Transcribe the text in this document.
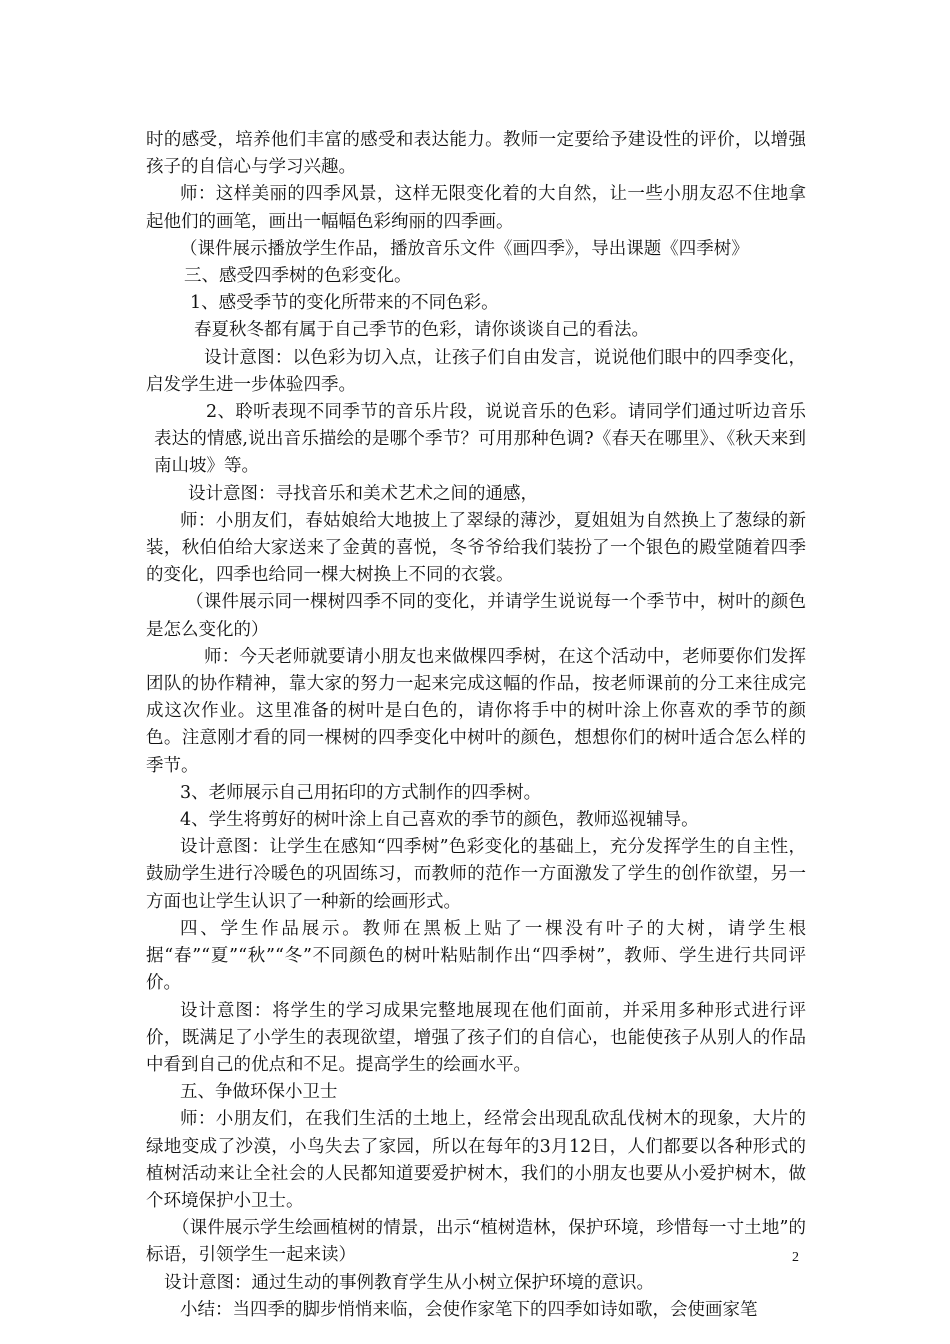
时的感受，培养他们丰富的感受和表达能力。教师一定要给予建设性的评价，以增强孩子的自信心与学习兴趣。

师：这样美丽的四季风景，这样无限变化着的大自然，让一些小朋友忍不住地拿起他们的画笔，画出一幅幅色彩绚丽的四季画。

（课件展示播放学生作品，播放音乐文件《画四季》，导出课题《四季树》

三、感受四季树的色彩变化。

1、感受季节的变化所带来的不同色彩。

春夏秋冬都有属于自己季节的色彩，请你谈谈自己的看法。

设计意图：以色彩为切入点，让孩子们自由发言，说说他们眼中的四季变化，启发学生进一步体验四季。

2、聆听表现不同季节的音乐片段，说说音乐的色彩。请同学们通过听边音乐表达的情感,说出音乐描绘的是哪个季节？可用那种色调?《春天在哪里》、《秋天来到南山坡》等。

设计意图：寻找音乐和美术艺术之间的通感，

师：小朋友们，春姑娘给大地披上了翠绿的薄沙，夏姐姐为自然换上了葱绿的新装，秋伯伯给大家送来了金黄的喜悦，冬爷爷给我们装扮了一个银色的殿堂随着四季的变化，四季也给同一棵大树换上不同的衣裳。

（课件展示同一棵树四季不同的变化，并请学生说说每一个季节中，树叶的颜色是怎么变化的）

师：今天老师就要请小朋友也来做棵四季树，在这个活动中，老师要你们发挥团队的协作精神，靠大家的努力一起来完成这幅的作品，按老师课前的分工来往成完成这次作业。这里准备的树叶是白色的，请你将手中的树叶涂上你喜欢的季节的颜色。注意刚才看的同一棵树的四季变化中树叶的颜色，想想你们的树叶适合怎么样的季节。

3、老师展示自己用拓印的方式制作的四季树。

4、学生将剪好的树叶涂上自己喜欢的季节的颜色，教师巡视辅导。

设计意图：让学生在感知“四季树”色彩变化的基础上，充分发挥学生的自主性，鼓励学生进行冷暖色的巩固练习，而教师的范作一方面激发了学生的创作欲望，另一方面也让学生认识了一种新的绘画形式。

四、学生作品展示。教师在黑板上贴了一棵没有叶子的大树，请学生根据“春”“夏”“秋”“冬”不同颜色的树叶粘贴制作出“四季树”，教师、学生进行共同评价。

设计意图：将学生的学习成果完整地展现在他们面前，并采用多种形式进行评价，既满足了小学生的表现欲望，增强了孩子们的自信心，也能使孩子从别人的作品中看到自己的优点和不足。提高学生的绘画水平。

五、争做环保小卫士

师：小朋友们，在我们生活的土地上，经常会出现乱砍乱伐树木的现象，大片的绿地变成了沙漠，小鸟失去了家园，所以在每年的3月12日，人们都要以各种形式的植树活动来让全社会的人民都知道要爱护树木，我们的小朋友也要从小爱护树木，做个环境保护小卫士。

（课件展示学生绘画植树的情景，出示“植树造林，保护环境，珍惜每一寸土地”的标语，引领学生一起来读）

设计意图：通过生动的事例教育学生从小树立保护环境的意识。

小结：当四季的脚步悄悄来临，会使作家笔下的四季如诗如歌，会使画家笔

2
